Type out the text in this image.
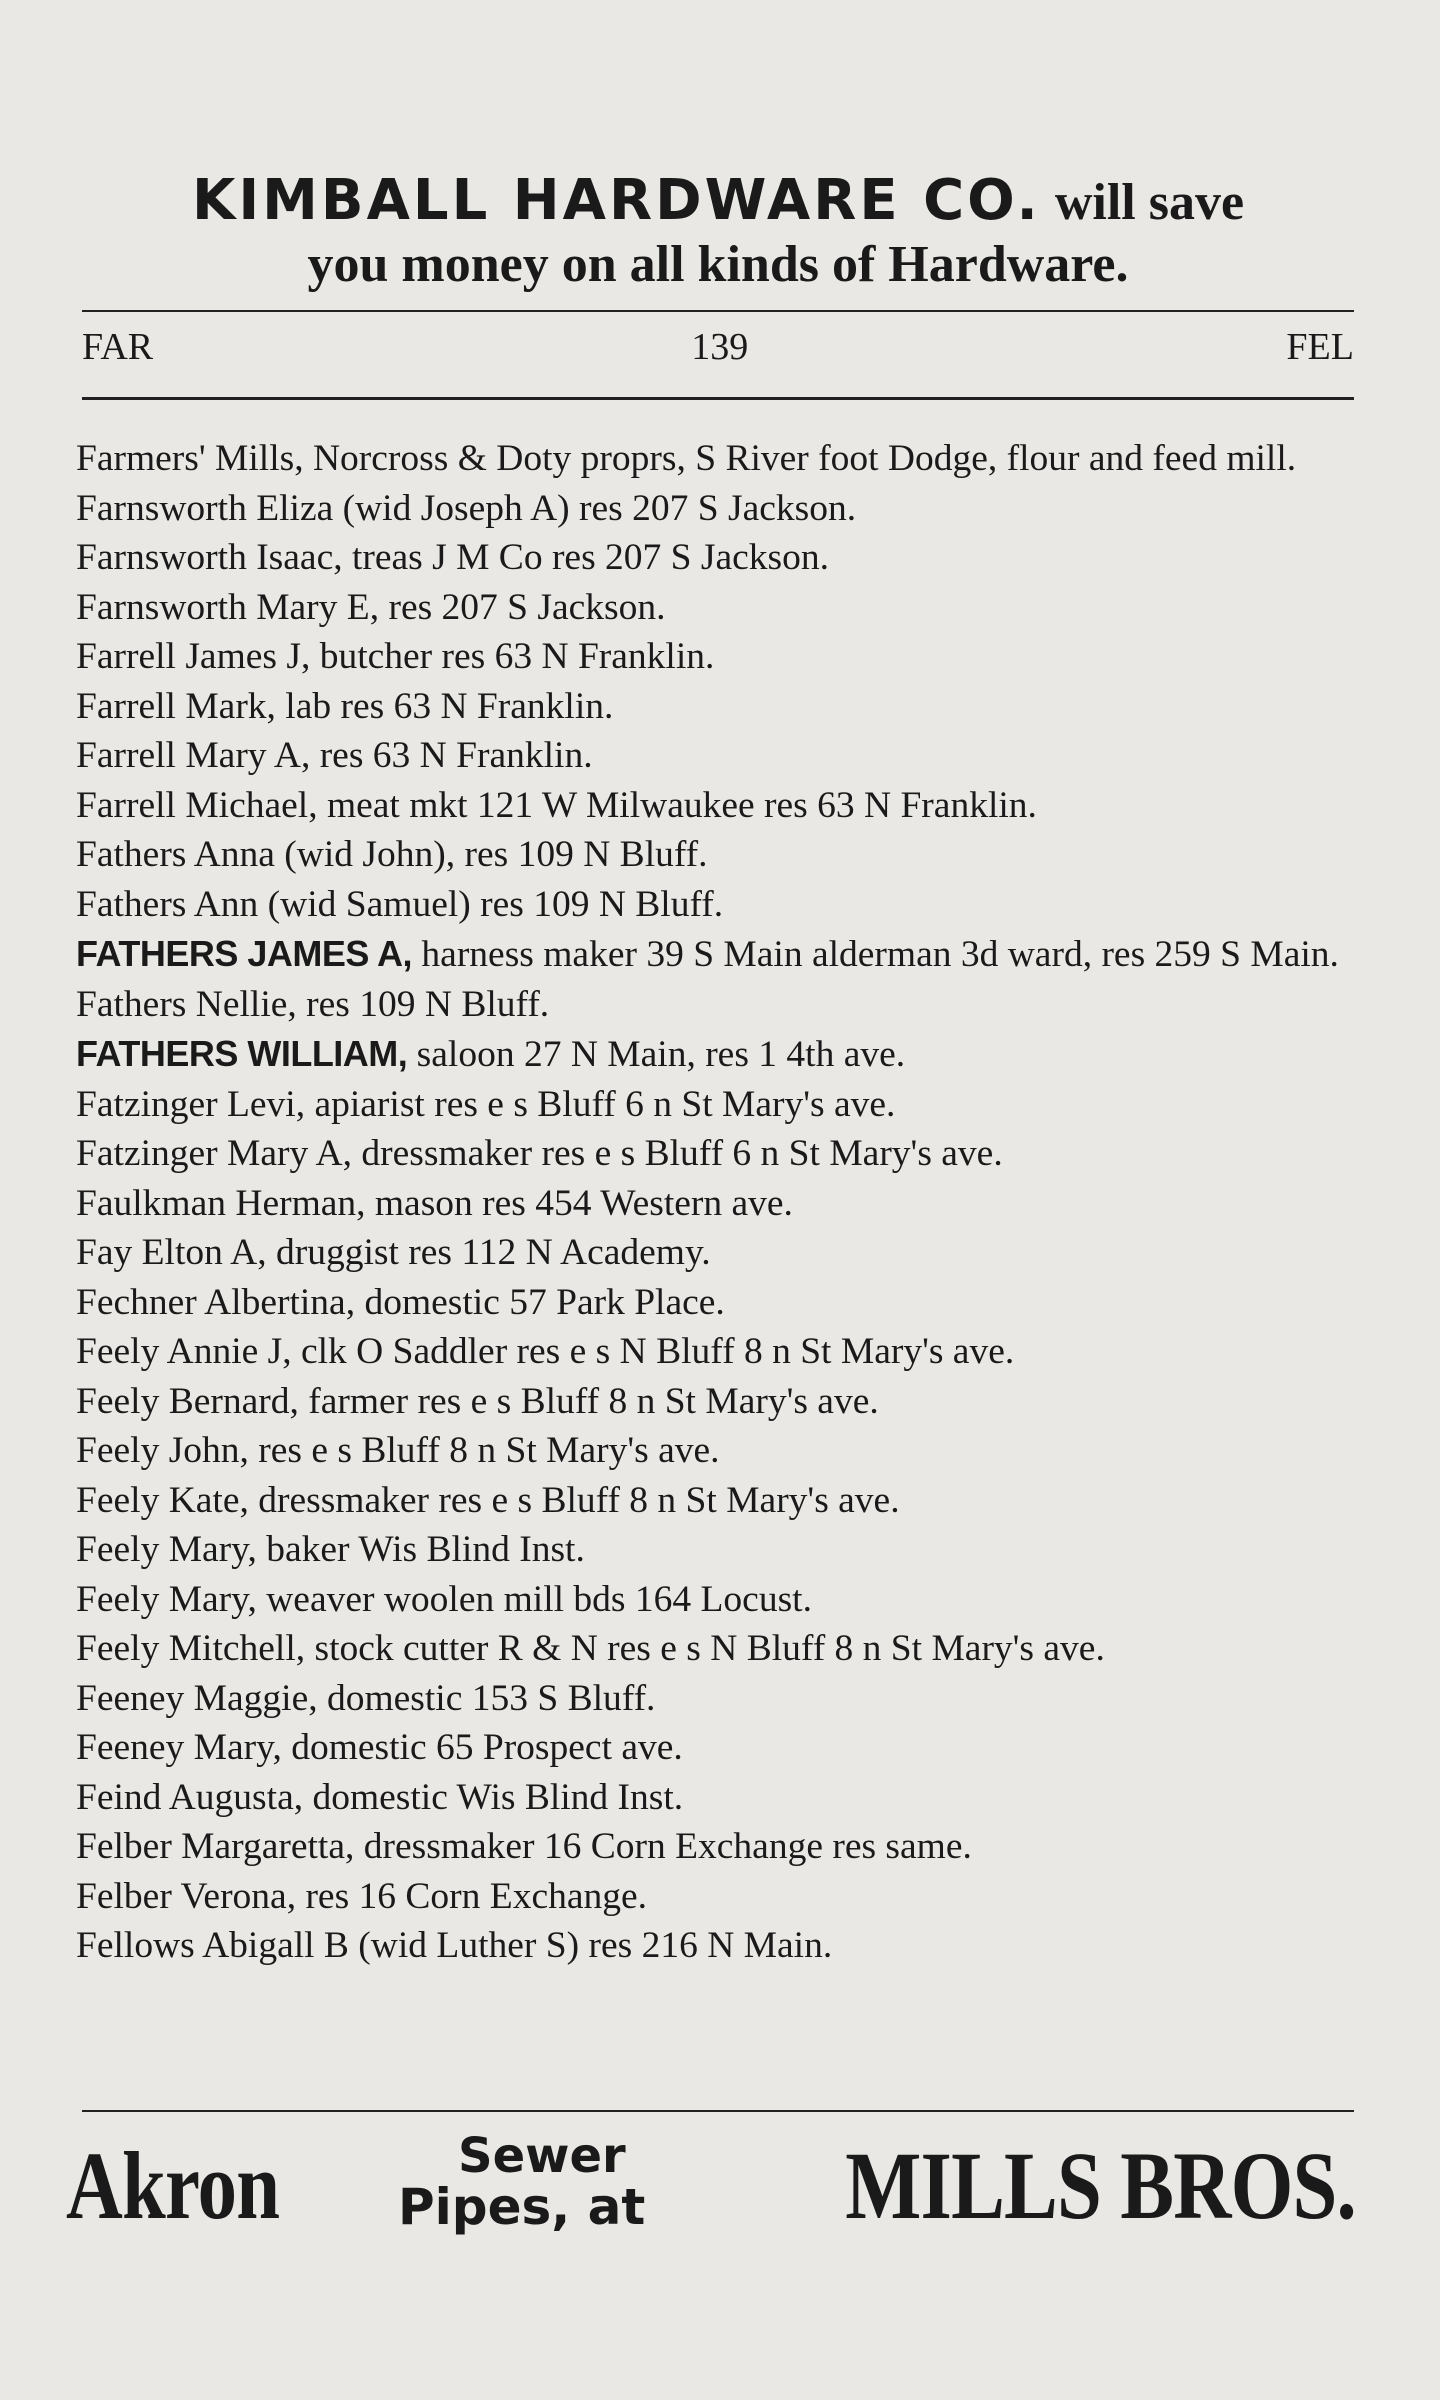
KIMBALL HARDWARE CO. will save
you money on all kinds of Hardware.
FAR	139	FEL

Farmers' Mills, Norcross & Doty proprs, S River foot Dodge, flour and feed mill.

Farnsworth Eliza (wid Joseph A) res 207 S Jackson.

Farnsworth Isaac, treas J M Co res 207 S Jackson.

Farnsworth Mary E, res 207 S Jackson.

Farrell James J, butcher res 63 N Franklin.

Farrell Mark, lab res 63 N Franklin.

Farrell Mary A, res 63 N Franklin.

Farrell Michael, meat mkt 121 W Milwaukee res 63 N Franklin.

Fathers Anna (wid John), res 109 N Bluff.

Fathers Ann (wid Samuel) res 109 N Bluff.

FATHERS JAMES A, harness maker 39 S Main alderman 3d ward, res 259 S Main.

Fathers Nellie, res 109 N Bluff.

FATHERS WILLIAM, saloon 27 N Main, res 1 4th ave.

Fatzinger Levi, apiarist res e s Bluff 6 n St Mary's ave.

Fatzinger Mary A, dressmaker res e s Bluff 6 n St Mary's ave.

Faulkman Herman, mason res 454 Western ave.

Fay Elton A, druggist res 112 N Academy.

Fechner Albertina, domestic 57 Park Place.

Feely Annie J, clk O Saddler res e s N Bluff 8 n St Mary's ave.

Feely Bernard, farmer res e s Bluff 8 n St Mary's ave.

Feely John, res e s Bluff 8 n St Mary's ave.

Feely Kate, dressmaker res e s Bluff 8 n St Mary's ave.

Feely Mary, baker Wis Blind Inst.

Feely Mary, weaver woolen mill bds 164 Locust.

Feely Mitchell, stock cutter R & N res e s N Bluff 8 n St Mary's ave.

Feeney Maggie, domestic 153 S Bluff.

Feeney Mary, domestic 65 Prospect ave.

Feind Augusta, domestic Wis Blind Inst.

Felber Margaretta, dressmaker 16 Corn Exchange res same.

Felber Verona, res 16 Corn Exchange.

Fellows Abigall B (wid Luther S) res 216 N Main.

Akron	Sewer
Pipes, at MILLS BROS.
